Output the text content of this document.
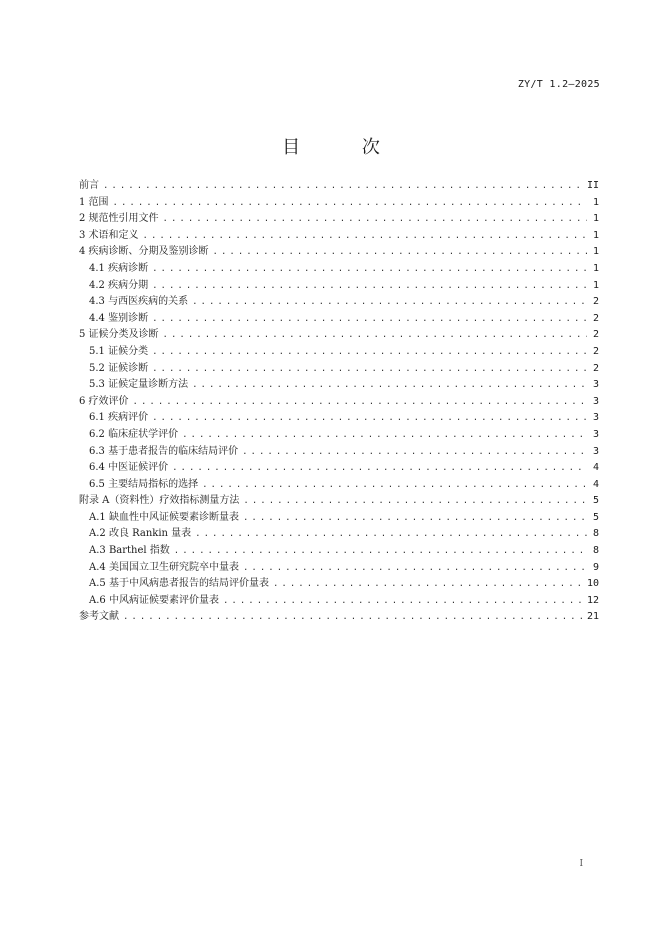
ZY/T 1.2—2025
目 次
前言 . . .	II
1 范围 . . .	1
2 规范性引用文件 . . .	1
3 术语和定义 . . .	1
4 疾病诊断、分期及鉴别诊断 . . .	1
4.1 疾病诊断 . . .	1
4.2 疾病分期 . . .	1
4.3 与西医疾病的关系 . . .	2
4.4 鉴别诊断 . . .	2
5 证候分类及诊断 . . .	2
5.1 证候分类 . . .	2
5.2 证候诊断 . . .	2
5.3 证候定量诊断方法 . . .	3
6 疗效评价 . . .	3
6.1 疾病评价 . . .	3
6.2 临床症状学评价 . . .	3
6.3 基于患者报告的临床结局评价 . . .	3
6.4 中医证候评价 . . .	4
6.5 主要结局指标的选择 . . .	4
附录 A（资料性）疗效指标测量方法 . . .	5
A.1 缺血性中风证候要素诊断量表 . . .	5
A.2 改良 Rankin 量表 . . .	8
A.3 Barthel 指数 . . .	8
A.4 美国国立卫生研究院卒中量表 . . .	9
A.5 基于中风病患者报告的结局评价量表 . . .	10
A.6 中风病证候要素评价量表 . . .	12
参考文献 . . .	21
I
